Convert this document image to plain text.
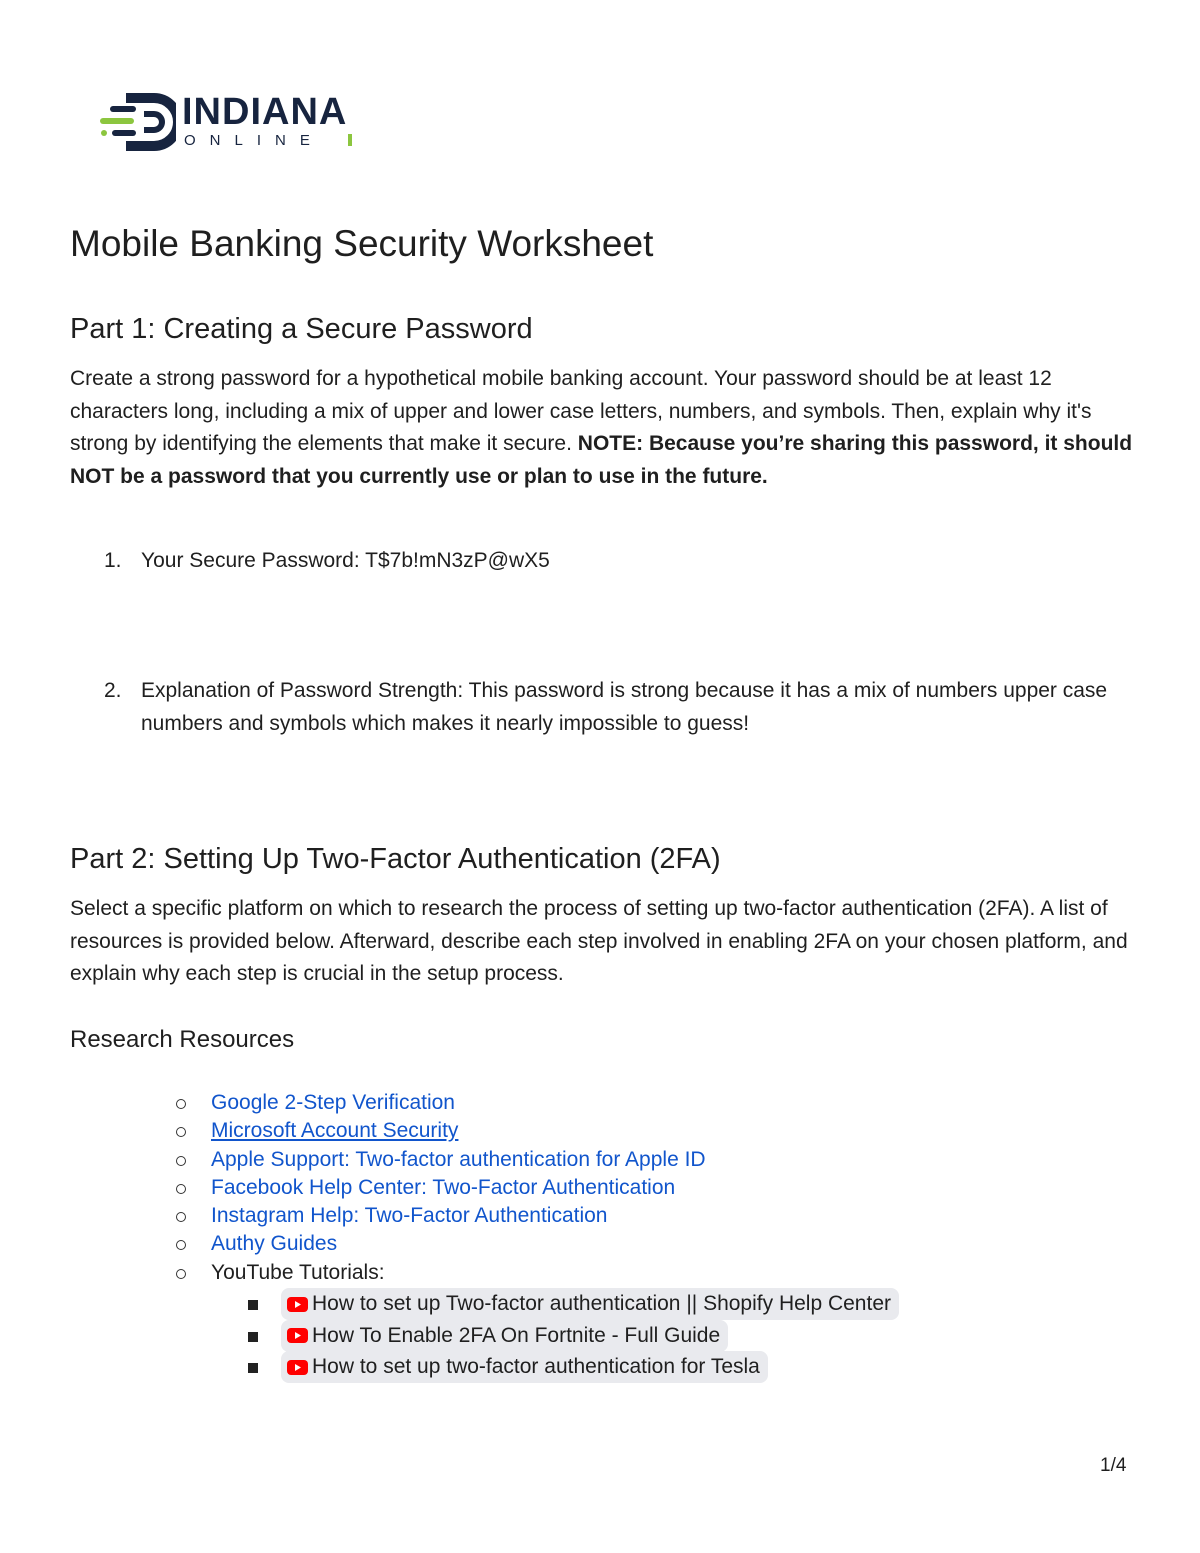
INDIANA
ONLINE
Mobile Banking Security Worksheet
Part 1: Creating a Secure Password

Create a strong password for a hypothetical mobile banking account. Your password should be at least 12 characters long, including a mix of upper and lower case letters, numbers, and symbols. Then, explain why it's strong by identifying the elements that make it secure. NOTE: Because you’re sharing this password, it should NOT be a password that you currently use or plan to use in the future.

1. Your Secure Password: T$7b!mN3zP@wX5
2. Explanation of Password Strength: This password is strong because it has a mix of numbers upper case numbers and symbols which makes it nearly impossible to guess!
Part 2: Setting Up Two-Factor Authentication (2FA)

Select a specific platform on which to research the process of setting up two-factor authentication (2FA). A list of resources is provided below. Afterward, describe each step involved in enabling 2FA on your chosen platform, and explain why each step is crucial in the setup process.

Research Resources
Google 2-Step Verification
Microsoft Account Security
Apple Support: Two-factor authentication for Apple ID
Facebook Help Center: Two-Factor Authentication
Instagram Help: Two-Factor Authentication
Authy Guides
YouTube Tutorials:
How to set up Two-factor authentication || Shopify Help Center
How To Enable 2FA On Fortnite - Full Guide
How to set up two-factor authentication for Tesla
1/4
